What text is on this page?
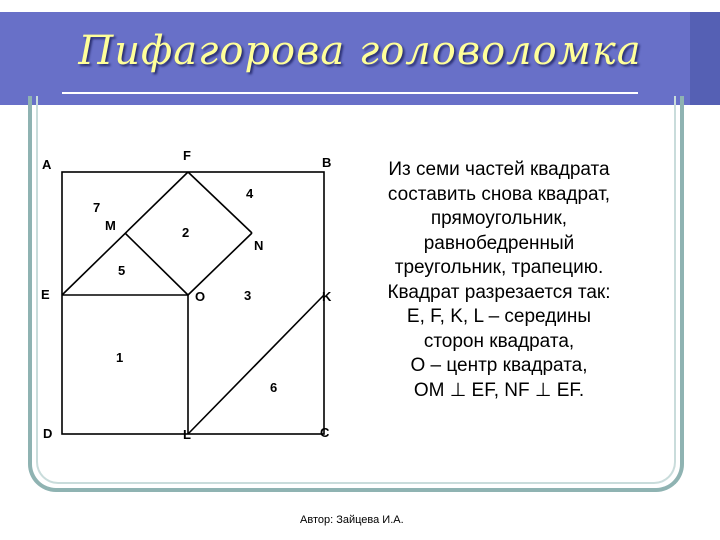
Пифагорова головоломка
A
F	B
M
N
E	O	K
D	L	C
1
2
3
4
5
6
7
Из семи частей квадрата
составить снова квадрат,
прямоугольник,
равнобедренный
треугольник, трапецию.
Квадрат разрезается так:
E, F, K, L – середины
сторон квадрата,
O – центр квадрата,
OM ⊥ EF, NF ⊥ EF.
Автор: Зайцева И.А.
